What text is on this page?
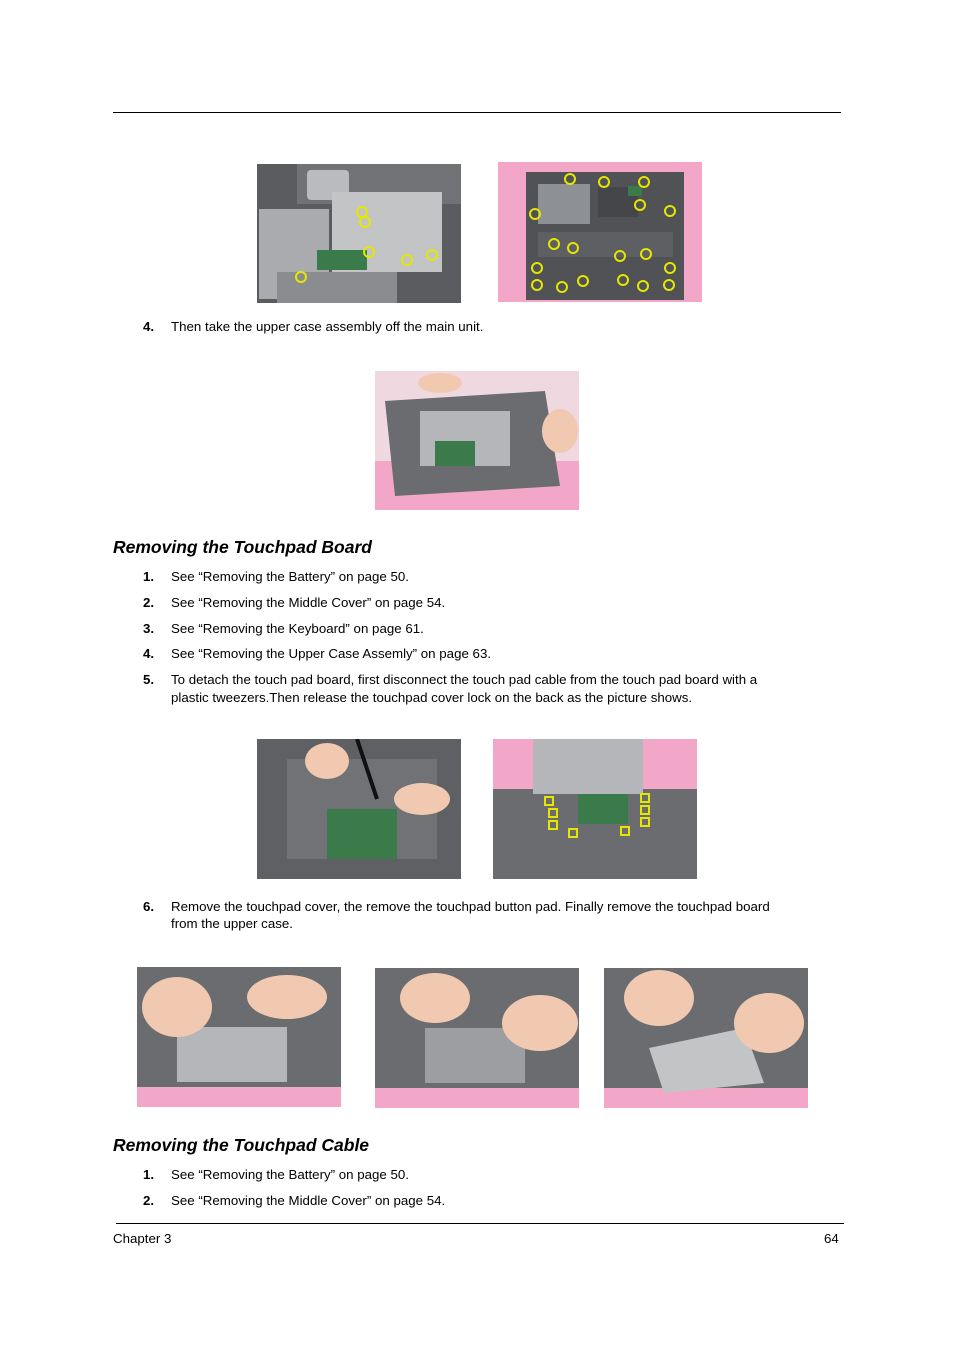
4. Then take the upper case assembly off the main unit.
Removing the Touchpad Board
1. See “Removing the Battery” on page 50.
2. See “Removing the Middle Cover” on page 54.
3. See “Removing the Keyboard” on page 61.
4. See “Removing the Upper Case Assemly” on page 63.
5. To detach the touch pad board, first disconnect the touch pad cable from the touch pad board with a
plastic tweezers.Then release the touchpad cover lock on the back as the picture shows.
6. Remove the touchpad cover, the remove the touchpad button pad. Finally remove the touchpad board
from the upper case.
Removing the Touchpad Cable
1. See “Removing the Battery” on page 50.
2. See “Removing the Middle Cover” on page 54.
Chapter 3	64
